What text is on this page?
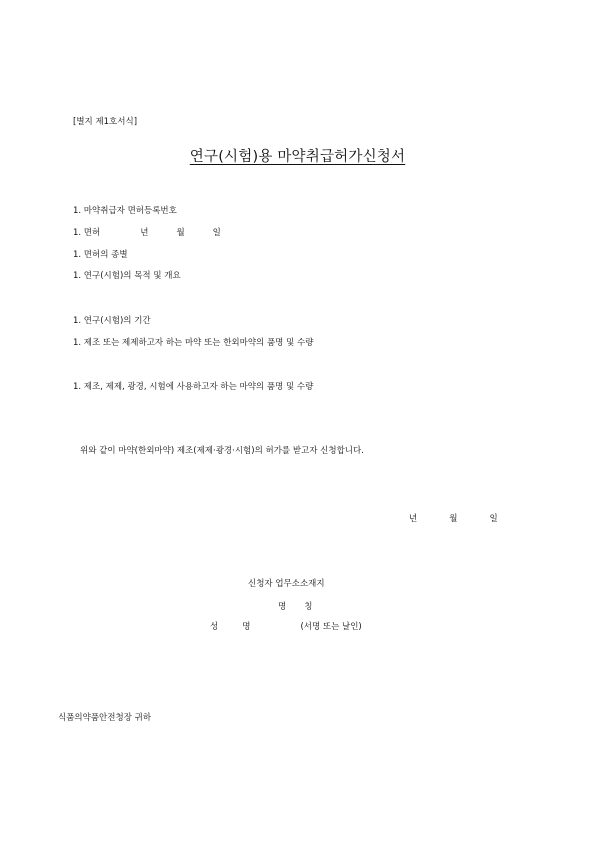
[별지 제1호서식]
연구(시험)용 마약취급허가신청서
1. 마약취급자 면허등록번호
1. 면허	년	월	일
1. 면허의 종별
1. 연구(시험)의 목적 및 개요
1. 연구(시험)의 기간
1. 제조 또는 제제하고자 하는 마약 또는 한외마약의 품명 및 수량
1. 제조, 제제, 광경, 시험에 사용하고자 하는 마약의 품명 및 수량
위와 같이 마약(한외마약) 제조(제제·광경·시험)의 허가를 받고자 신청합니다.
년	월	일
신청자 업무소소재지
명 칭
성	명	(서명 또는 날인)
식품의약품안전청장 귀하
